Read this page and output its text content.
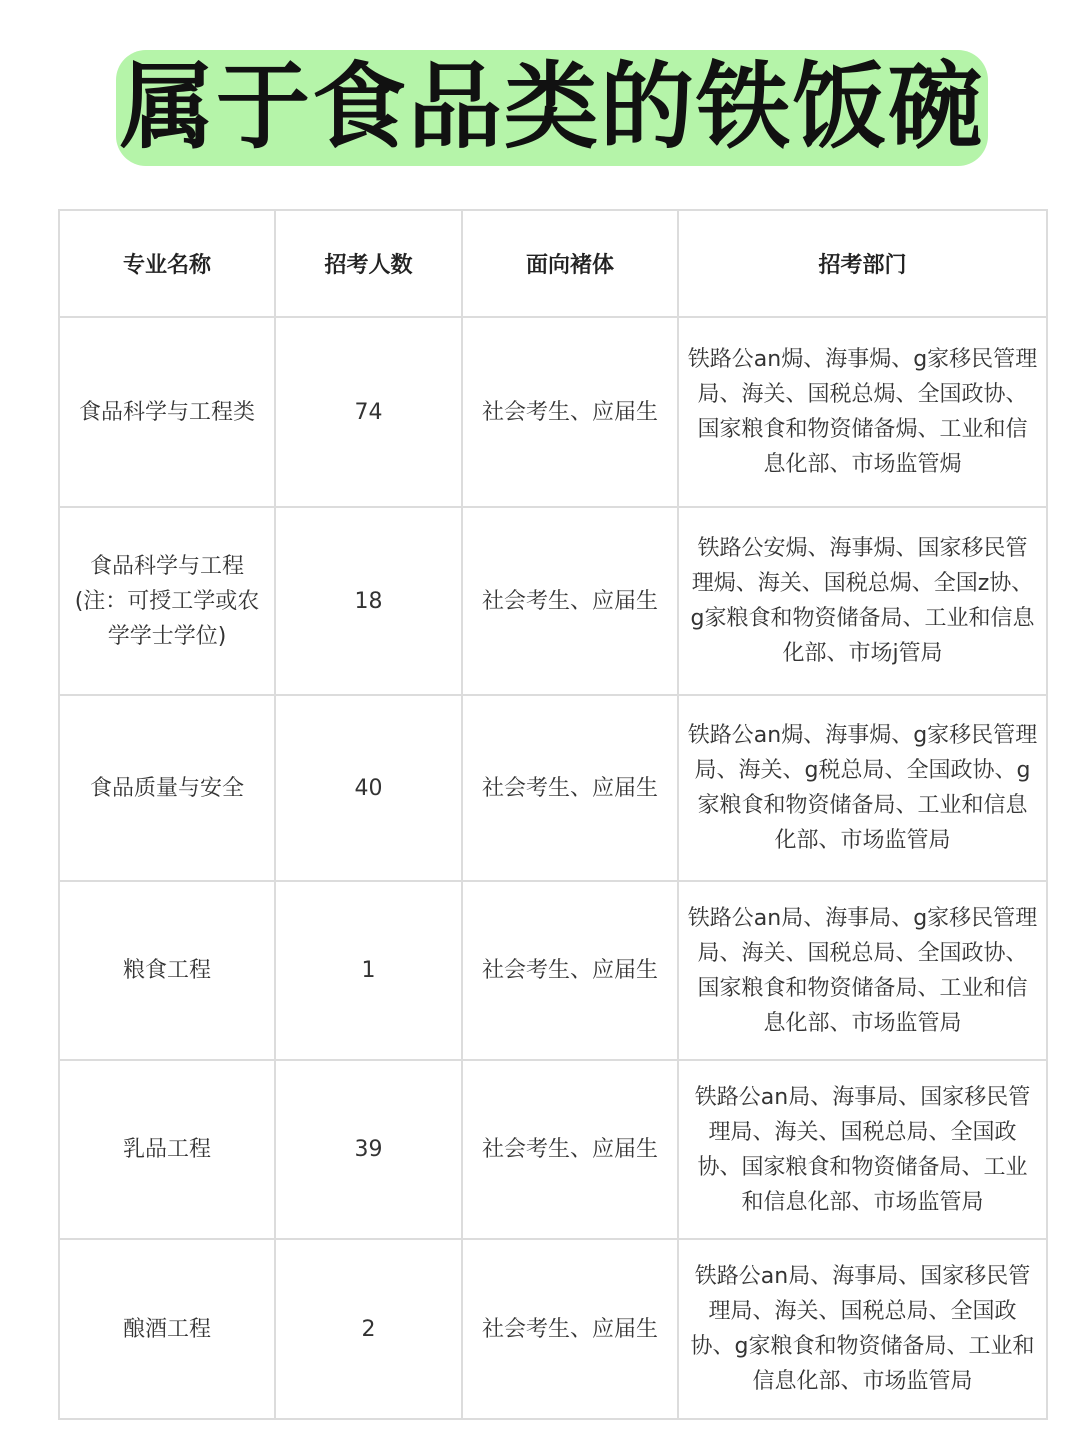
属于食品类的铁饭碗
专业名称	招考人数	面向褚体	招考部门
食品科学与工程类	74	社会考生、应届生	铁路公an焗、海事焗、g家移民管理局、海关、国税总焗、全国政协、国家粮食和物资储备焗、工业和信息化部、市场监管焗

食品科学与工程
(注：可授工学或农
学学士学位)	18	社会考生、应届生	铁路公安焗、海事焗、国家移民管理焗、海关、国税总焗、全国z协、g家粮食和物资储备局、工业和信息化部、市场j管局
食品质量与安全	40	社会考生、应届生	铁路公an焗、海事焗、g家移民管理局、海关、g税总局、全国政协、g家粮食和物资储备局、工业和信息化部、市场监管局
粮食工程	1	社会考生、应届生	铁路公an局、海事局、g家移民管理局、海关、国税总局、全国政协、国家粮食和物资储备局、工业和信息化部、市场监管局
乳品工程	39	社会考生、应届生	铁路公an局、海事局、国家移民管理局、海关、国税总局、全国政协、国家粮食和物资储备局、工业和信息化部、市场监管局
酿酒工程	2	社会考生、应届生	铁路公an局、海事局、国家移民管理局、海关、国税总局、全国政协、g家粮食和物资储备局、工业和信息化部、市场监管局
